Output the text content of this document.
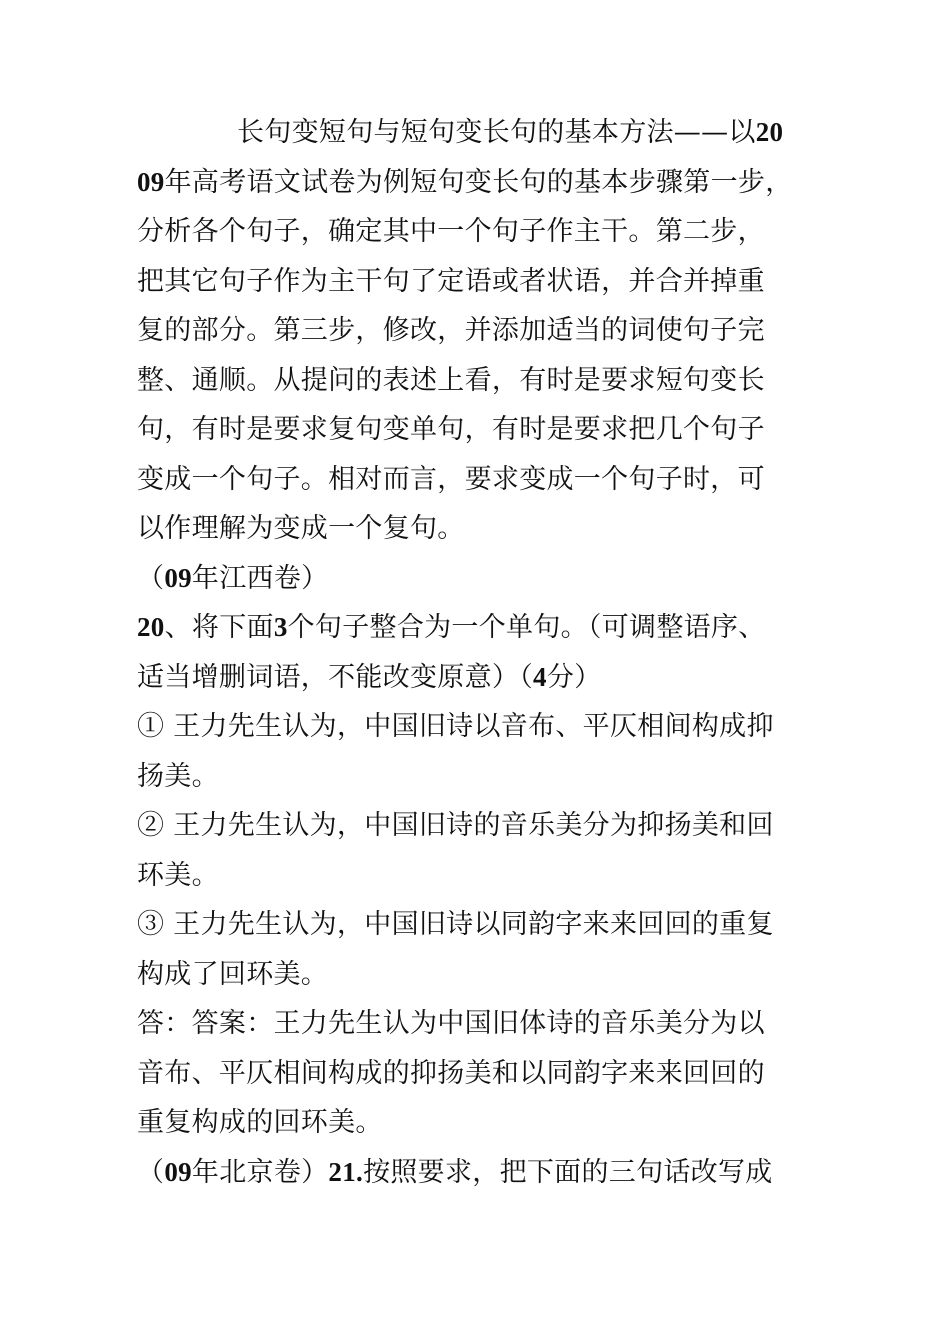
长句变短句与短句变长句的基本方法——以20
09年高考语文试卷为例短句变长句的基本步骤第一步，
分析各个句子，确定其中一个句子作主干。第二步，
把其它句子作为主干句了定语或者状语，并合并掉重
复的部分。第三步，修改，并添加适当的词使句子完
整、通顺。从提问的表述上看，有时是要求短句变长
句，有时是要求复句变单句，有时是要求把几个句子
变成一个句子。相对而言，要求变成一个句子时，可
以作理解为变成一个复句。
（09年江西卷）
20、将下面3个句子整合为一个单句。（可调整语序、
适当增删词语，不能改变原意）（4分）
① 王力先生认为，中国旧诗以音布、平仄相间构成抑
扬美。
② 王力先生认为，中国旧诗的音乐美分为抑扬美和回
环美。
③ 王力先生认为，中国旧诗以同韵字来来回回的重复
构成了回环美。
答：答案：王力先生认为中国旧体诗的音乐美分为以
音布、平仄相间构成的抑扬美和以同韵字来来回回的
重复构成的回环美。
（09年北京卷）21.按照要求，把下面的三句话改写成
